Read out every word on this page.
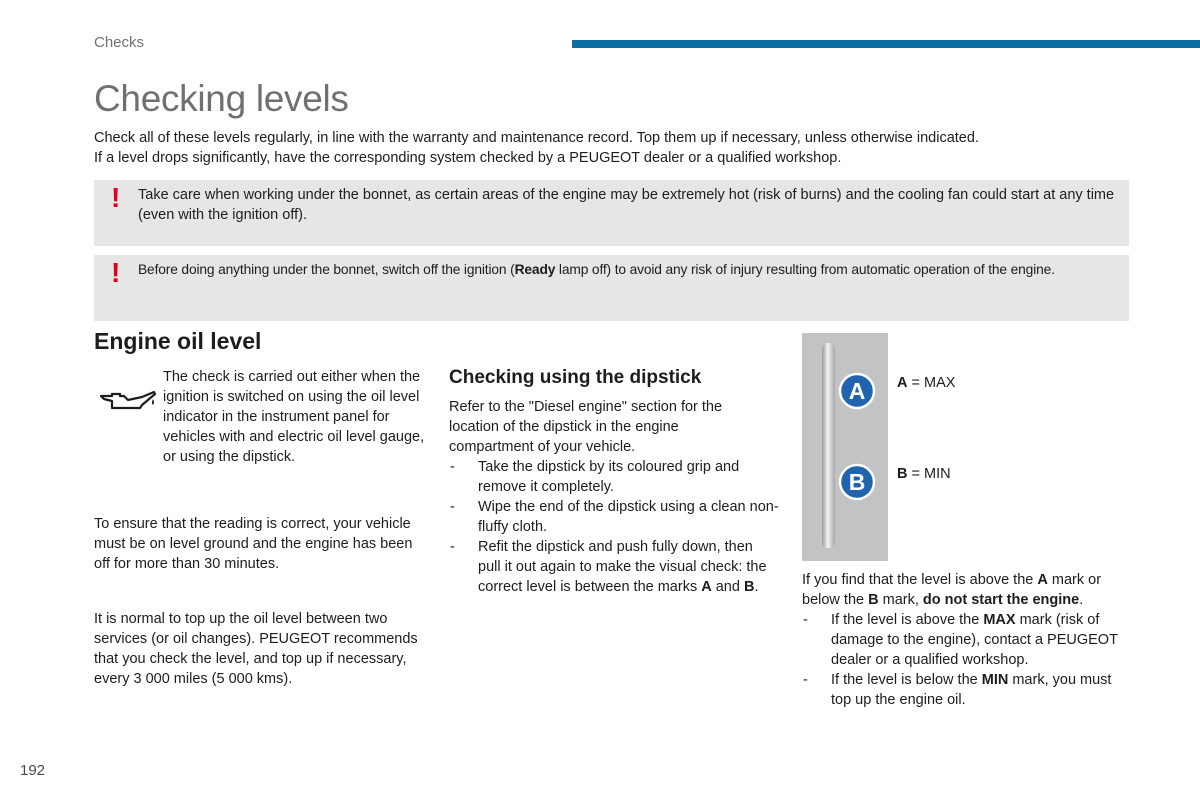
Checks
Checking levels
Check all of these levels regularly, in line with the warranty and maintenance record. Top them up if necessary, unless otherwise indicated.
If a level drops significantly, have the corresponding system checked by a PEUGEOT dealer or a qualified workshop.
! Take care when working under the bonnet, as certain areas of the engine may be extremely hot (risk of burns) and the cooling fan could start at any time (even with the ignition off).
! Before doing anything under the bonnet, switch off the ignition (Ready lamp off) to avoid any risk of injury resulting from automatic operation of the engine.
Engine oil level
The check is carried out either when the ignition is switched on using the oil level indicator in the instrument panel for vehicles with and electric oil level gauge, or using the dipstick.
To ensure that the reading is correct, your vehicle must be on level ground and the engine has been off for more than 30 minutes.
It is normal to top up the oil level between two services (or oil changes). PEUGEOT recommends that you check the level, and top up if necessary, every 3 000 miles (5 000 kms).
Checking using the dipstick
Refer to the "Diesel engine" section for the location of the dipstick in the engine compartment of your vehicle.
- Take the dipstick by its coloured grip and remove it completely.
- Wipe the end of the dipstick using a clean non-fluffy cloth.
- Refit the dipstick and push fully down, then pull it out again to make the visual check: the correct level is between the marks A and B.
A
B
A = MAX
B = MIN
If you find that the level is above the A mark or below the B mark, do not start the engine.
- If the level is above the MAX mark (risk of damage to the engine), contact a PEUGEOT dealer or a qualified workshop.
- If the level is below the MIN mark, you must top up the engine oil.
192
